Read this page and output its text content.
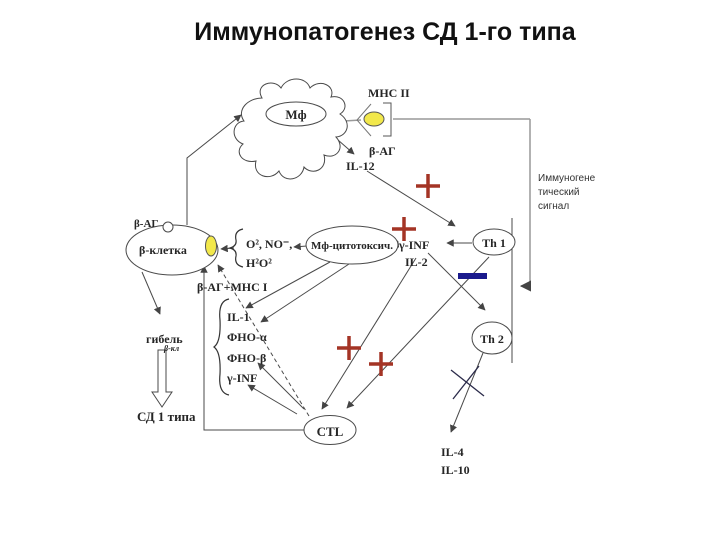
Иммунопатогенез СД 1-го типа
Мф
MHC II
β-АГ
IL-12
Иммуногене
тический
сигнал
β-АГ
β-клетка	O², NO⁻,
H²O²
Мф-цитотоксич. γ-INF
IL-2
Th 1
Th 2
CTL
β-АГ+MHC I
IL-1
ФНО-α
ФНО-β
γ-INF
гибель
β-кл
СД 1 типа
IL-4
IL-10
